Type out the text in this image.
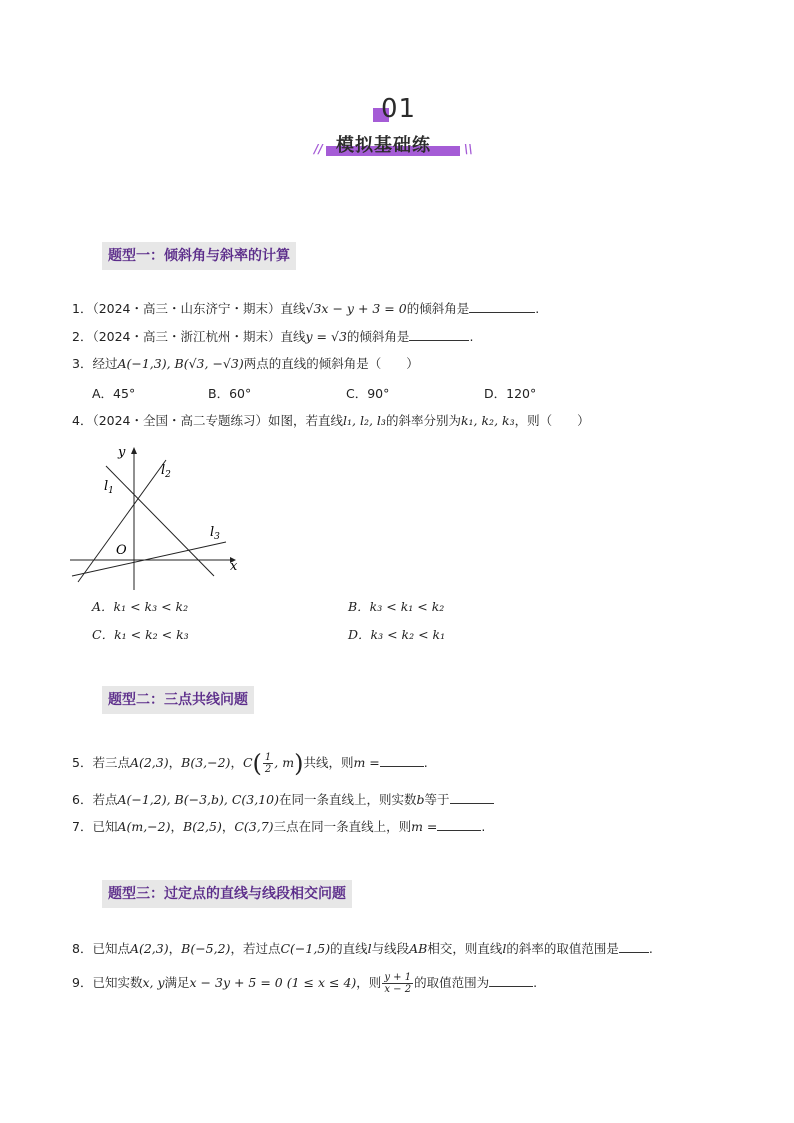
01
// 模拟基础练	\\
题型一：倾斜角与斜率的计算
1．（2024・高三・山东济宁・期末）直线√3x − y + 3 = 0的倾斜角是	.
2．（2024・高三・浙江杭州・期末）直线y = √3的倾斜角是	.
3．经过A(−1,3), B(√3, −√3)两点的直线的倾斜角是（　　）
A．45°	B．60°	C．90°	D．120°
4．（2024・全国・高二专题练习）如图，若直线l₁, l₂, l₃的斜率分别为k₁, k₂, k₃，则（　　）
y
x
O
$l_1$
$l_2$
$l_3$
A．k₁ < k₃ < k₂	B．k₃ < k₁ < k₂
C．k₁ < k₂ < k₃	D．k₃ < k₂ < k₁
题型二：三点共线问题
5．若三点A(2,3)，B(3,−2)，$C( \frac{1}{2}$ , m)共线，则m =	.
6．若点A(−1,2), B(−3,b), C(3,10)在同一条直线上，则实数b等于
7．已知A(m,−2)，B(2,5)，C(3,7)三点在同一条直线上，则m =	.
题型三：过定点的直线与线段相交问题
8．已知点A(2,3)，B(−5,2)，若过点C(−1,5)的直线l与线段AB相交，则直线l的斜率的取值范围是 .
9．已知实数x, y满足x − 3y + 5 = 0 (1 ≤ x ≤ 4)，则 $\frac{y + 1}{x - 2}$ 的取值范围为	.
